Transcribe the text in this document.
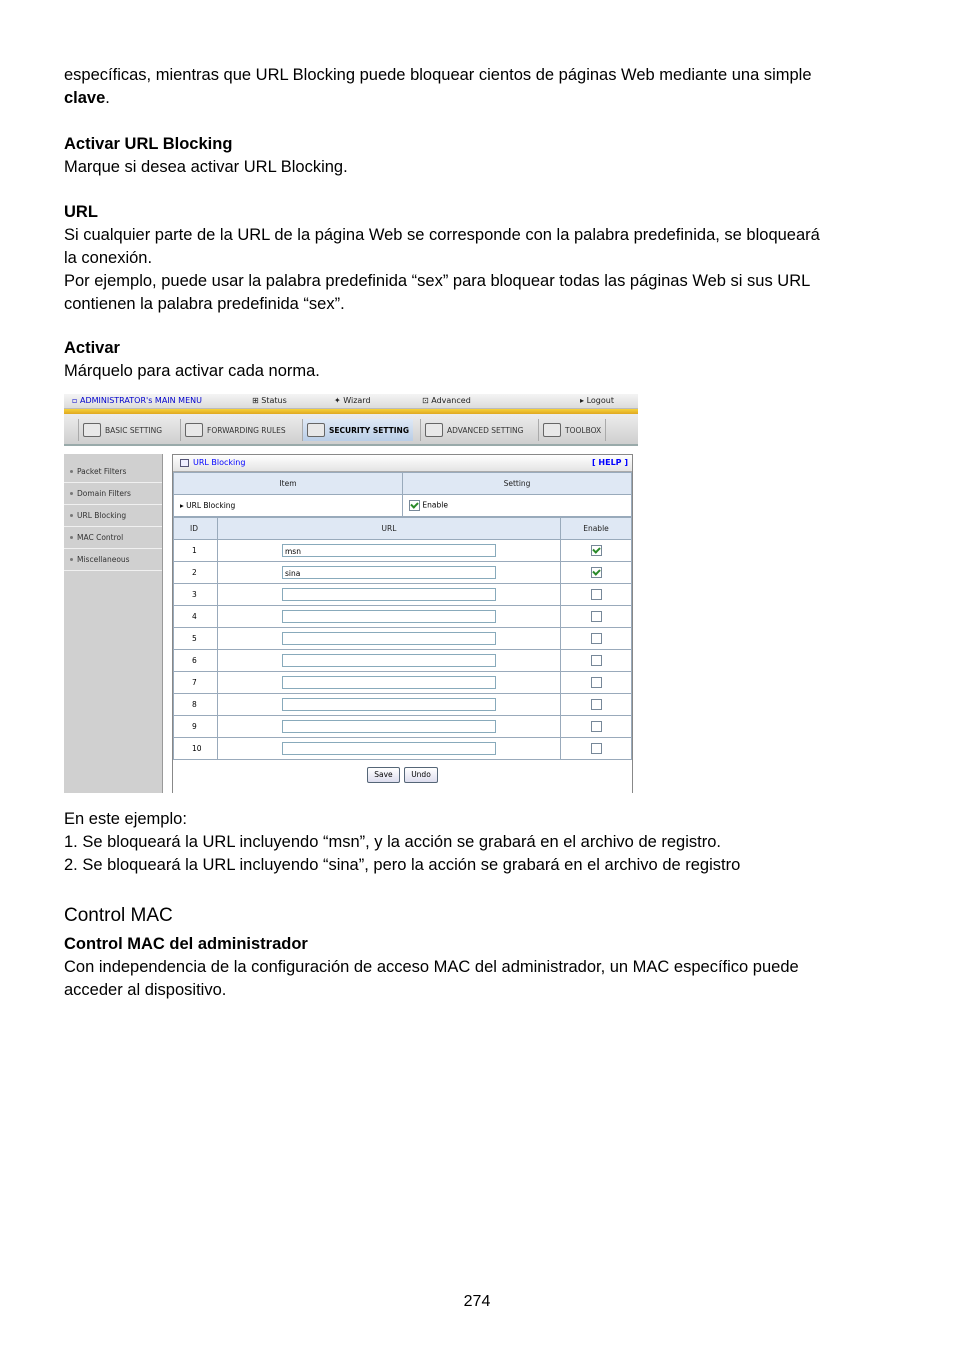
específicas, mientras que URL Blocking puede bloquear cientos de páginas Web mediante una simple
clave.

Activar URL Blocking
Marque si desea activar URL Blocking.

URL
Si cualquier parte de la URL de la página Web se corresponde con la palabra predefinida, se bloqueará
la conexión.
Por ejemplo, puede usar la palabra predefinida “sex” para bloquear todas las páginas Web si sus URL
contienen la palabra predefinida “sex”.

Activar
Márquelo para activar cada norma.

▫ ADMINISTRATOR's MAIN MENU	⊞ Status	✦ Wizard	⊡ Advanced	▸ Logout
BASIC SETTING	FORWARDING RULES	SECURITY SETTING	ADVANCED SETTING	TOOLBOX
Packet Filters
Domain Filters
URL Blocking
MAC Control
Miscellaneous
URL Blocking	[ HELP ]
Item	Setting
▸ URL Blocking	Enable
ID	URL	Enable
1	msn	
2	sina	
3		
4		
5		
6		
7		
8		
9		
10		
Save Undo

En este ejemplo:
1. Se bloqueará la URL incluyendo “msn”, y la acción se grabará en el archivo de registro.
2. Se bloqueará la URL incluyendo “sina”, pero la acción se grabará en el archivo de registro

Control MAC

Control MAC del administrador
Con independencia de la configuración de acceso MAC del administrador, un MAC específico puede
acceder al dispositivo.

274
